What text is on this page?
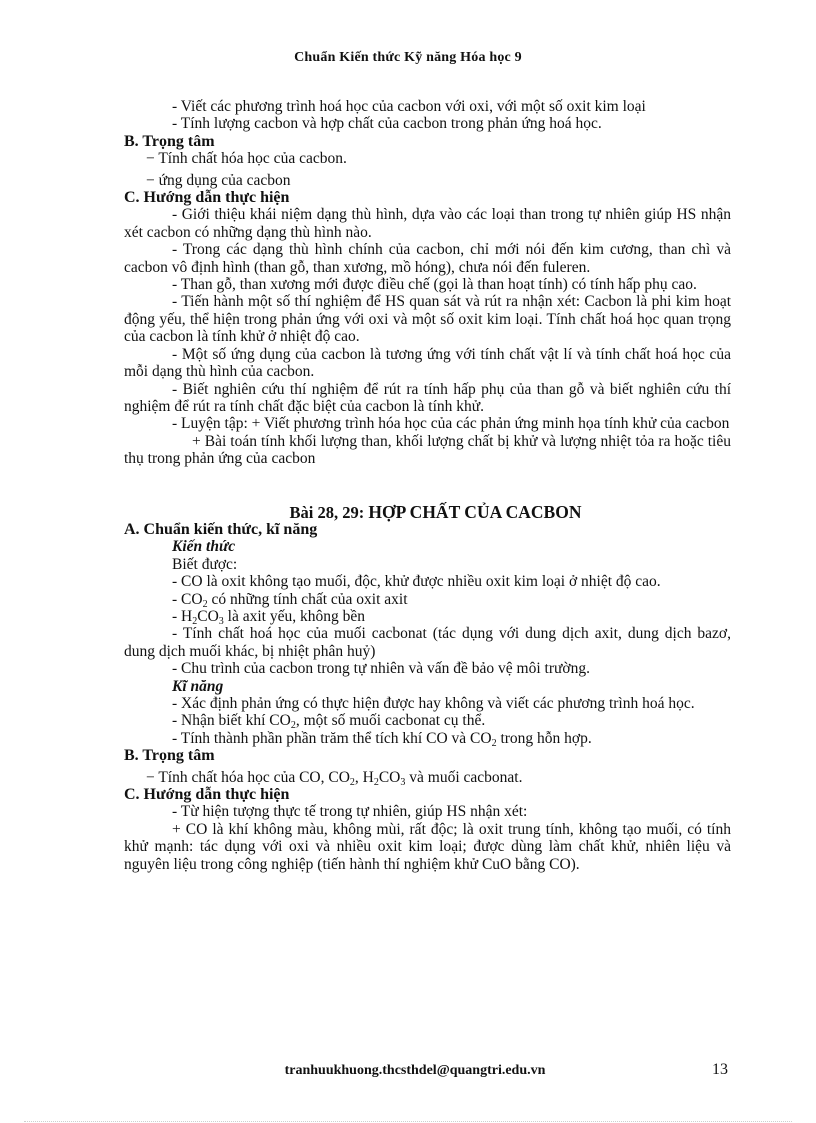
Chuẩn Kiến thức Kỹ năng Hóa học 9

- Viết các phương trình hoá học của cacbon với oxi, với một số oxit kim loại

- Tính lượng cacbon và hợp chất của cacbon trong phản ứng hoá học.

B. Trọng tâm

− Tính chất hóa học của cacbon.

− ứng dụng của cacbon

C. Hướng dẫn thực hiện

- Giới thiệu khái niệm dạng thù hình, dựa vào các loại than trong tự nhiên giúp HS nhận xét cacbon có những dạng thù hình nào.

- Trong các dạng thù hình chính của cacbon, chỉ mới nói đến kim cương, than chì và cacbon vô định hình (than gỗ, than xương, mồ hóng), chưa nói đến fuleren.

- Than gỗ, than xương mới được điều chế (gọi là than hoạt tính) có tính hấp phụ cao.

- Tiến hành một số thí nghiệm để HS quan sát và rút ra nhận xét: Cacbon là phi kim hoạt động yếu, thể hiện trong phản ứng với oxi và một số oxit kim loại. Tính chất hoá học quan trọng của cacbon là tính khử ở nhiệt độ cao.

- Một số ứng dụng của cacbon là tương ứng với tính chất vật lí và tính chất hoá học của mỗi dạng thù hình của cacbon.

- Biết nghiên cứu thí nghiệm để rút ra tính hấp phụ của than gỗ và biết nghiên cứu thí nghiệm để rút ra tính chất đặc biệt của cacbon là tính khử.

- Luyện tập: + Viết phương trình hóa học của các phản ứng minh họa tính khử của cacbon

+ Bài toán tính khối lượng than, khối lượng chất bị khử và lượng nhiệt tỏa ra hoặc tiêu thụ trong phản ứng của cacbon

Bài 28, 29: HỢP CHẤT CỦA CACBON

A. Chuẩn kiến thức, kĩ năng

Kiến thức

Biết được:

- CO là oxit không tạo muối, độc, khử được nhiều oxit kim loại ở nhiệt độ cao.

- $CO_2$ có những tính chất của oxit axit

- $H_2CO_3$ là axit yếu, không bền

- Tính chất hoá học của muối cacbonat (tác dụng với dung dịch axit, dung dịch bazơ, dung dịch muối khác, bị nhiệt phân huỷ)

- Chu trình của cacbon trong tự nhiên và vấn đề bảo vệ môi trường.

Kĩ năng

- Xác định phản ứng có thực hiện được hay không và viết các phương trình hoá học.

- Nhận biết khí $CO_2$, một số muối cacbonat cụ thể.

- Tính thành phần phần trăm thể tích khí CO và $CO_2$ trong hỗn hợp.

B. Trọng tâm

− Tính chất hóa học của CO, $CO_2$, $H_2CO_3$ và muối cacbonat.

C. Hướng dẫn thực hiện

- Từ hiện tượng thực tế trong tự nhiên, giúp HS nhận xét:

+ CO là khí không màu, không mùi, rất độc; là oxit trung tính, không tạo muối, có tính khử mạnh: tác dụng với oxi và nhiều oxit kim loại; được dùng làm chất khử, nhiên liệu và nguyên liệu trong công nghiệp (tiến hành thí nghiệm khử CuO bằng CO).

tranhuukhuong.thcsthdel@quangtri.edu.vn	13
